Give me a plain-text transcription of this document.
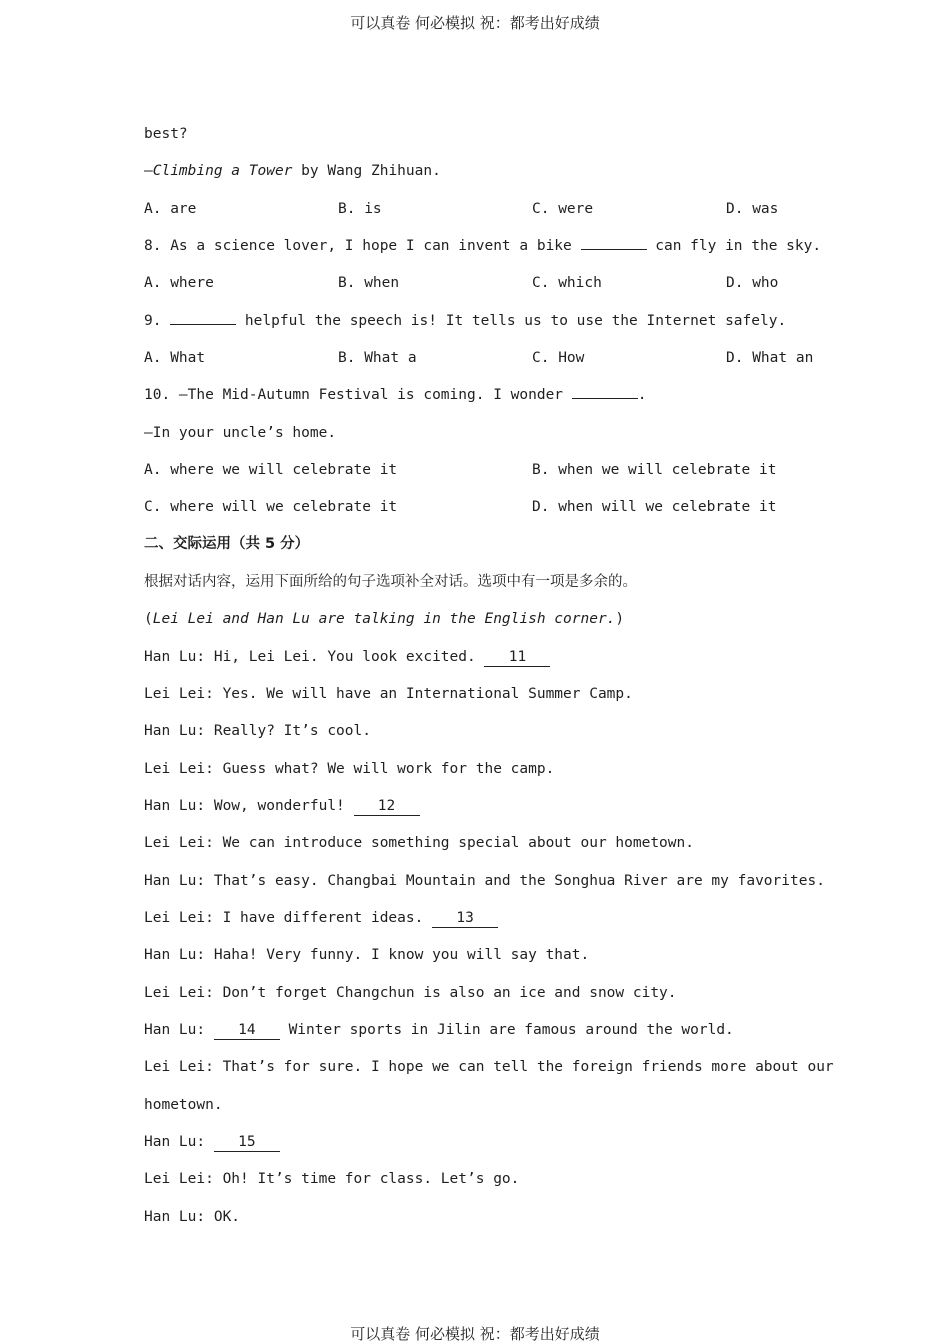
可以真卷 何必模拟 祝：都考出好成绩
best?
—Climbing a Tower by Wang Zhihuan.
A. are	B. is	C. were	D. was
8. As a science lover, I hope I can invent a bike	can fly in the sky.
A. where	B. when	C. which	D. who
9.	helpful the speech is! It tells us to use the Internet safely.
A. What	B. What a	C. How	D. What an
10. —The Mid-Autumn Festival is coming. I wonder	.
—In your uncle’s home.
A. where we will celebrate it	B. when we will celebrate it
C. where will we celebrate it	D. when will we celebrate it
二、交际运用（共 5 分）
根据对话内容，运用下面所给的句子选项补全对话。选项中有一项是多余的。
(Lei Lei and Han Lu are talking in the English corner.)
Han Lu: Hi, Lei Lei. You look excited. 11
Lei Lei: Yes. We will have an International Summer Camp.
Han Lu: Really? It’s cool.
Lei Lei: Guess what? We will work for the camp.
Han Lu: Wow, wonderful! 12
Lei Lei: We can introduce something special about our hometown.
Han Lu: That’s easy. Changbai Mountain and the Songhua River are my favorites.
Lei Lei: I have different ideas. 13
Han Lu: Haha! Very funny. I know you will say that.
Lei Lei: Don’t forget Changchun is also an ice and snow city.
Han Lu: 14 Winter sports in Jilin are famous around the world.
Lei Lei: That’s for sure. I hope we can tell the foreign friends more about our
hometown.
Han Lu: 15
Lei Lei: Oh! It’s time for class. Let’s go.
Han Lu: OK.
可以真卷 何必模拟 祝：都考出好成绩
